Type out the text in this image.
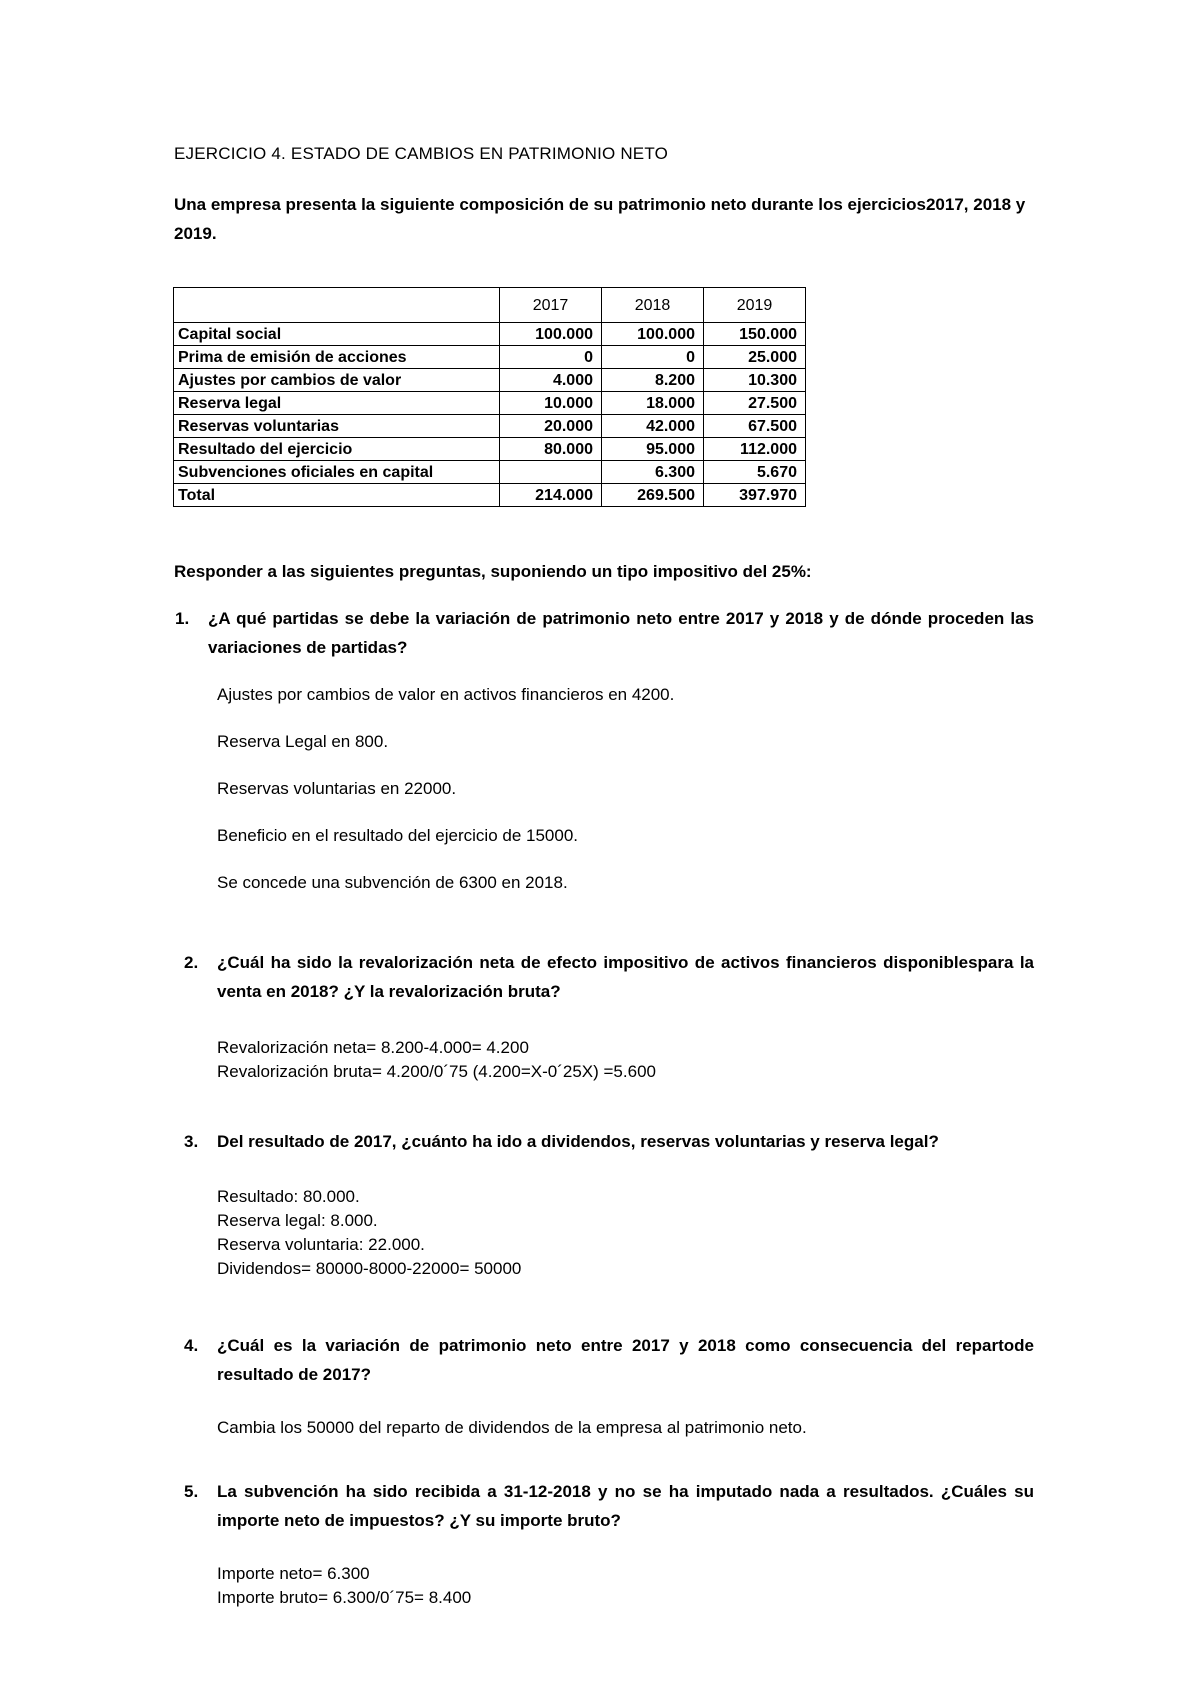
EJERCICIO 4. ESTADO DE CAMBIOS EN PATRIMONIO NETO
Una empresa presenta la siguiente composición de su patrimonio neto durante los ejercicios2017, 2018 y 2019.
	2017	2018	2019
Capital social	100.000	100.000	150.000
Prima de emisión de acciones	0	0	25.000
Ajustes por cambios de valor	4.000	8.200	10.300
Reserva legal	10.000	18.000	27.500
Reservas voluntarias	20.000	42.000	67.500
Resultado del ejercicio	80.000	95.000	112.000
Subvenciones oficiales en capital		6.300	5.670
Total	214.000	269.500	397.970
Responder a las siguientes preguntas, suponiendo un tipo impositivo del 25%:
1. ¿A qué partidas se debe la variación de patrimonio neto entre 2017 y 2018 y de dónde proceden las variaciones de partidas?
Ajustes por cambios de valor en activos financieros en 4200.
Reserva Legal en 800.
Reservas voluntarias en 22000.
Beneficio en el resultado del ejercicio de 15000.
Se concede una subvención de 6300 en 2018.
2. ¿Cuál ha sido la revalorización neta de efecto impositivo de activos financieros disponiblespara la venta en 2018? ¿Y la revalorización bruta?
Revalorización neta= 8.200-4.000= 4.200
Revalorización bruta= 4.200/0´75 (4.200=X-0´25X) =5.600
3. Del resultado de 2017, ¿cuánto ha ido a dividendos, reservas voluntarias y reserva legal?
Resultado: 80.000.
Reserva legal: 8.000.
Reserva voluntaria: 22.000.
Dividendos= 80000-8000-22000= 50000
4. ¿Cuál es la variación de patrimonio neto entre 2017 y 2018 como consecuencia del repartode resultado de 2017?
Cambia los 50000 del reparto de dividendos de la empresa al patrimonio neto.
5. La subvención ha sido recibida a 31-12-2018 y no se ha imputado nada a resultados. ¿Cuáles su importe neto de impuestos? ¿Y su importe bruto?
Importe neto= 6.300
Importe bruto= 6.300/0´75= 8.400
